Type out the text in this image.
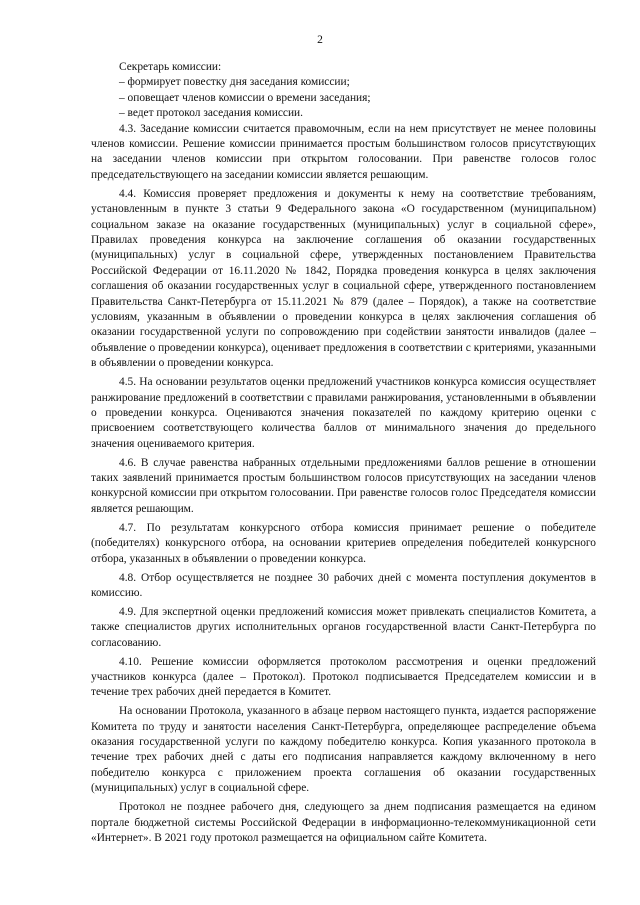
2

Секретарь комиссии:

– формирует повестку дня заседания комиссии;

– оповещает членов комиссии о времени заседания;

– ведет протокол заседания комиссии.

4.3. Заседание комиссии считается правомочным, если на нем присутствует не менее половины членов комиссии. Решение комиссии принимается простым большинством голосов присутствующих на заседании членов комиссии при открытом голосовании. При равенстве голосов голос председательствующего на заседании комиссии является решающим.

4.4. Комиссия проверяет предложения и документы к нему на соответствие требованиям, установленным в пункте 3 статьи 9 Федерального закона «О государственном (муниципальном) социальном заказе на оказание государственных (муниципальных) услуг в социальной сфере», Правилах проведения конкурса на заключение соглашения об оказании государственных (муниципальных) услуг в социальной сфере, утвержденных постановлением Правительства Российской Федерации от 16.11.2020 № 1842, Порядка проведения конкурса в целях заключения соглашения об оказании государственных услуг в социальной сфере, утвержденного постановлением Правительства Санкт-Петербурга от 15.11.2021 № 879 (далее – Порядок), а также на соответствие условиям, указанным в объявлении о проведении конкурса в целях заключения соглашения об оказании государственной услуги по сопровождению при содействии занятости инвалидов (далее – объявление о проведении конкурса), оценивает предложения в соответствии с критериями, указанными в объявлении о проведении конкурса.

4.5. На основании результатов оценки предложений участников конкурса комиссия осуществляет ранжирование предложений в соответствии с правилами ранжирования, установленными в объявлении о проведении конкурса. Оцениваются значения показателей по каждому критерию оценки с присвоением соответствующего количества баллов от минимального значения до предельного значения оцениваемого критерия.

4.6. В случае равенства набранных отдельными предложениями баллов решение в отношении таких заявлений принимается простым большинством голосов присутствующих на заседании членов конкурсной комиссии при открытом голосовании. При равенстве голосов голос Председателя комиссии является решающим.

4.7. По результатам конкурсного отбора комиссия принимает решение о победителе (победителях) конкурсного отбора, на основании критериев определения победителей конкурсного отбора, указанных в объявлении о проведении конкурса.

4.8. Отбор осуществляется не позднее 30 рабочих дней с момента поступления документов в комиссию.

4.9. Для экспертной оценки предложений комиссия может привлекать специалистов Комитета, а также специалистов других исполнительных органов государственной власти Санкт-Петербурга по согласованию.

4.10. Решение комиссии оформляется протоколом рассмотрения и оценки предложений участников конкурса (далее – Протокол). Протокол подписывается Председателем комиссии и в течение трех рабочих дней передается в Комитет.

На основании Протокола, указанного в абзаце первом настоящего пункта, издается распоряжение Комитета по труду и занятости населения Санкт-Петербурга, определяющее распределение объема оказания государственной услуги по каждому победителю конкурса. Копия указанного протокола в течение трех рабочих дней с даты его подписания направляется каждому включенному в него победителю конкурса с приложением проекта соглашения об оказании государственных (муниципальных) услуг в социальной сфере.

Протокол не позднее рабочего дня, следующего за днем подписания размещается на едином портале бюджетной системы Российской Федерации в информационно-телекоммуникационной сети «Интернет». В 2021 году протокол размещается на официальном сайте Комитета.
